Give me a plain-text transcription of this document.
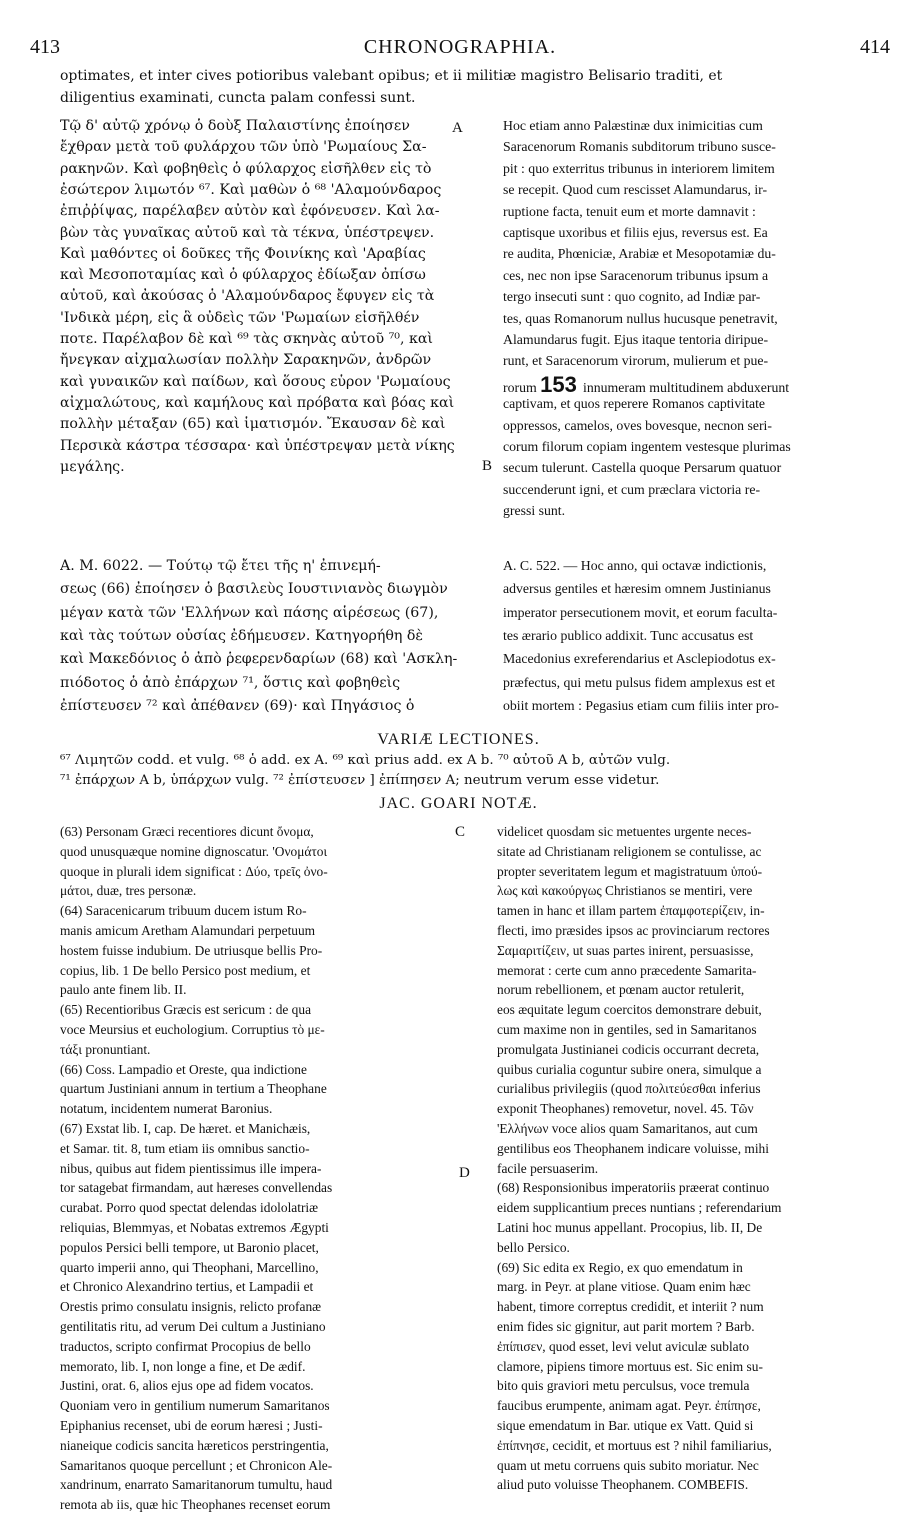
413	CHRONOGRAPHIA.	414
optimates, et inter cives potioribus valebant opibus; et ii militiæ magistro Belisario traditi, et
diligentius examinati, cuncta palam confessi sunt.
Τῷ δ' αὐτῷ χρόνῳ ὁ δοὺξ Παλαιστίνης ἐποίησεν
ἔχθραν μετὰ τοῦ φυλάρχου τῶν ὑπὸ 'Ρωμαίους Σα-
ρακηνῶν. Καὶ φοβηθεὶς ὁ φύλαρχος εἰσῆλθεν εἰς τὸ
ἐσώτερον λιμωτόν ⁶⁷. Καὶ μαθὼν ὁ ⁶⁸ 'Αλαμούνδαρος
ἐπιῤῥίψας, παρέλαβεν αὐτὸν καὶ ἐφόνευσεν. Καὶ λα-
βὼν τὰς γυναῖκας αὐτοῦ καὶ τὰ τέκνα, ὑπέστρεψεν.
Καὶ μαθόντες οἱ δοῦκες τῆς Φοινίκης καὶ 'Αραβίας
καὶ Μεσοποταμίας καὶ ὁ φύλαρχος ἐδίωξαν ὀπίσω
αὐτοῦ, καὶ ἀκούσας ὁ 'Αλαμούνδαρος ἔφυγεν εἰς τὰ
'Ινδικὰ μέρη, εἰς ἃ οὐδεὶς τῶν 'Ρωμαίων εἰσῆλθέν
ποτε. Παρέλαβον δὲ καὶ ⁶⁹ τὰς σκηνὰς αὐτοῦ ⁷⁰, καὶ
ἤνεγκαν αἰχμαλωσίαν πολλὴν Σαρακηνῶν, ἀνδρῶν
καὶ γυναικῶν καὶ παίδων, καὶ ὅσους εὗρον 'Ρωμαίους
αἰχμαλώτους, καὶ καμήλους καὶ πρόβατα καὶ βόας καὶ
πολλὴν μέταξαν (65) καὶ ἱματισμόν. Ἔκαυσαν δὲ καὶ
Περσικὰ κάστρα τέσσαρα· καὶ ὑπέστρεψαν μετὰ νίκης
μεγάλης.
Hoc etiam anno Palæstinæ dux inimicitias cum
Saracenorum Romanis subditorum tribuno susce-
pit : quo exterritus tribunus in interiorem limitem
se recepit. Quod cum rescisset Alamundarus, ir-
ruptione facta, tenuit eum et morte damnavit :
captisque uxoribus et filiis ejus, reversus est. Ea
re audita, Phœniciæ, Arabiæ et Mesopotamiæ du-
ces, nec non ipse Saracenorum tribunus ipsum a
tergo insecuti sunt : quo cognito, ad Indiæ par-
tes, quas Romanorum nullus hucusque penetravit,
Alamundarus fugit. Ejus itaque tentoria diripue-
runt, et Saracenorum virorum, mulierum et pue-
rorum 153 innumeram multitudinem abduxerunt
captivam, et quos reperere Romanos captivitate
oppressos, camelos, oves bovesque, necnon seri-
corum filorum copiam ingentem vestesque plurimas
secum tulerunt. Castella quoque Persarum quatuor
succenderunt igni, et cum præclara victoria re-
gressi sunt.
A. M. 6022. — Τούτῳ τῷ ἔτει τῆς η' ἐπινεμή-
σεως (66) ἐποίησεν ὁ βασιλεὺς Ιουστινιανὸς διωγμὸν
μέγαν κατὰ τῶν 'Ελλήνων καὶ πάσης αἱρέσεως (67),
καὶ τὰς τούτων οὐσίας ἐδήμευσεν. Κατηγορήθη δὲ
καὶ Μακεδόνιος ὁ ἀπὸ ῥεφερενδαρίων (68) καὶ 'Ασκλη-
πιόδοτος ὁ ἀπὸ ἐπάρχων ⁷¹, ὅστις καὶ φοβηθεὶς
ἐπίστευσεν ⁷² καὶ ἀπέθανεν (69)· καὶ Πηγάσιος ὁ
A. C. 522. — Hoc anno, qui octavæ indictionis,
adversus gentiles et hæresim omnem Justinianus
imperator persecutionem movit, et eorum faculta-
tes ærario publico addixit. Tunc accusatus est
Macedonius exreferendarius et Asclepiodotus ex-
præfectus, qui metu pulsus fidem amplexus est et
obiit mortem : Pegasius etiam cum filiis inter pro-
A
B
C
D
VARIÆ LECTIONES.
⁶⁷ Λιμητῶν codd. et vulg. ⁶⁸ ὁ add. ex A. ⁶⁹ καὶ prius add. ex A b. ⁷⁰ αὐτοῦ A b, αὐτῶν vulg.
⁷¹ ἐπάρχων A b, ὑπάρχων vulg. ⁷² ἐπίστευσεν ] ἐπίπησεν A; neutrum verum esse videtur.
JAC. GOARI NOTÆ.
(63) Personam Græci recentiores dicunt ὄνομα,
quod unusquæque nomine dignoscatur. 'Ονομάτοι
quoque in plurali idem significat : Δύο, τρεῖς ὀνο-
μάτοι, duæ, tres personæ.
(64) Saracenicarum tribuum ducem istum Ro-
manis amicum Aretham Alamundari perpetuum
hostem fuisse indubium. De utriusque bellis Pro-
copius, lib. 1 De bello Persico post medium, et
paulo ante finem lib. II.
(65) Recentioribus Græcis est sericum : de qua
voce Meursius et euchologium. Corruptius τὸ με-
τάξι pronuntiant.
(66) Coss. Lampadio et Oreste, qua indictione
quartum Justiniani annum in tertium a Theophane
notatum, incidentem numerat Baronius.
(67) Exstat lib. I, cap. De hæret. et Manichæis,
et Samar. tit. 8, tum etiam iis omnibus sanctio-
nibus, quibus aut fidem pientissimus ille impera-
tor satagebat firmandam, aut hæreses convellendas
curabat. Porro quod spectat delendas idololatriæ
reliquias, Blemmyas, et Nobatas extremos Ægypti
populos Persici belli tempore, ut Baronio placet,
quarto imperii anno, qui Theophani, Marcellino,
et Chronico Alexandrino tertius, et Lampadii et
Orestis primo consulatu insignis, relicto profanæ
gentilitatis ritu, ad verum Dei cultum a Justiniano
traductos, scripto confirmat Procopius de bello
memorato, lib. I, non longe a fine, et De ædif.
Justini, orat. 6, alios ejus ope ad fidem vocatos.
Quoniam vero in gentilium numerum Samaritanos
Epiphanius recenset, ubi de eorum hæresi ; Justi-
nianeique codicis sancita hæreticos perstringentia,
Samaritanos quoque percellunt ; et Chronicon Ale-
xandrinum, enarrato Samaritanorum tumultu, haud
remota ab iis, quæ hic Theophanes recenset eorum
videlicet quosdam sic metuentes urgente neces-
sitate ad Christianam religionem se contulisse, ac
propter severitatem legum et magistratuum ὑπού-
λως καὶ κακούργως Christianos se mentiri, vere
tamen in hanc et illam partem ἐπαμφοτερίζειν, in-
flecti, imo præsides ipsos ac provinciarum rectores
Σαμαριτίζειν, ut suas partes inirent, persuasisse,
memorat : certe cum anno præcedente Samarita-
norum rebellionem, et pœnam auctor retulerit,
eos æquitate legum coercitos demonstrare debuit,
cum maxime non in gentiles, sed in Samaritanos
promulgata Justinianei codicis occurrant decreta,
quibus curialia coguntur subire onera, simulque a
curialibus privilegiis (quod πολιτεύεσθαι inferius
exponit Theophanes) removetur, novel. 45. Τῶν
'Ελλήνων voce alios quam Samaritanos, aut cum
gentilibus eos Theophanem indicare voluisse, mihi
facile persuaserim.
(68) Responsionibus imperatoriis præerat continuo
eidem supplicantium preces nuntians ; referendarium
Latini hoc munus appellant. Procopius, lib. II, De
bello Persico.
(69) Sic edita ex Regio, ex quo emendatum in
marg. in Peyr. at plane vitiose. Quam enim hæc
habent, timore correptus credidit, et interiit ? num
enim fides sic gignitur, aut parit mortem ? Barb.
ἐπίπισεν, quod esset, levi velut aviculæ sublato
clamore, pipiens timore mortuus est. Sic enim su-
bito quis graviori metu perculsus, voce tremula
faucibus erumpente, animam agat. Peyr. ἐπίπησε,
sique emendatum in Bar. utique ex Vatt. Quid si
ἐπίπνησε, cecidit, et mortuus est ? nihil familiarius,
quam ut metu corruens quis subito moriatur. Nec
aliud puto voluisse Theophanem. COMBEFIS.
